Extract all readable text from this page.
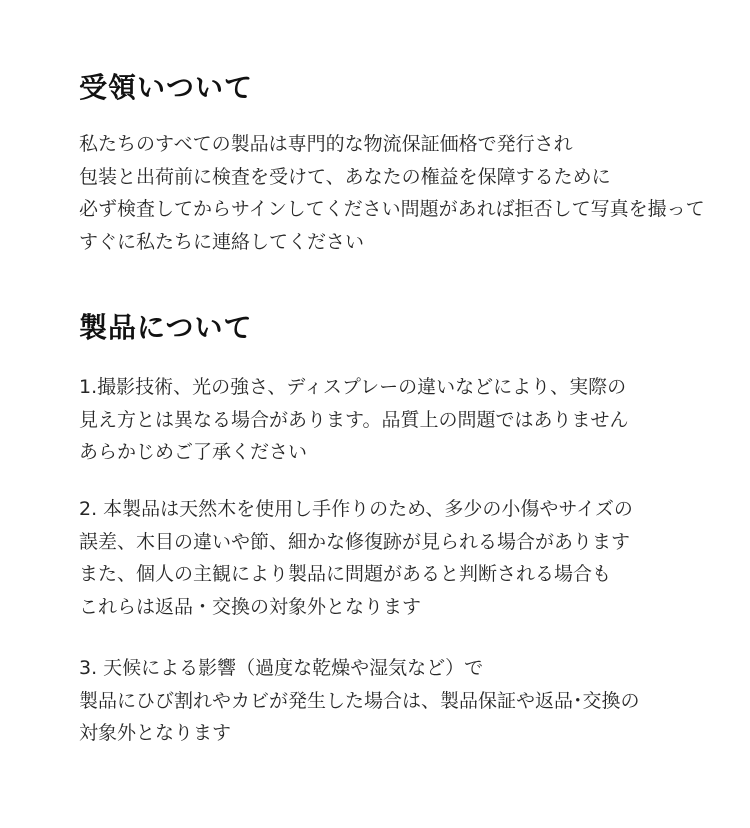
受領いついて

私たちのすべての製品は専門的な物流保証価格で発行され
包装と出荷前に検査を受けて、あなたの権益を保障するために
必ず検査してからサインしてください問題があれば拒否して写真を撮って
すぐに私たちに連絡してください

製品について

1.撮影技術、光の強さ、ディスプレーの違いなどにより、実際の
見え方とは異なる場合があります。品質上の問題ではありません
あらかじめご了承ください

2. 本製品は天然木を使用し手作りのため、多少の小傷やサイズの
誤差、木目の違いや節、細かな修復跡が見られる場合があります
また、個人の主観により製品に問題があると判断される場合も
これらは返品・交換の対象外となります

3. 天候による影響（過度な乾燥や湿気など）で
製品にひび割れやカビが発生した場合は、製品保証や返品･交換の
対象外となります
